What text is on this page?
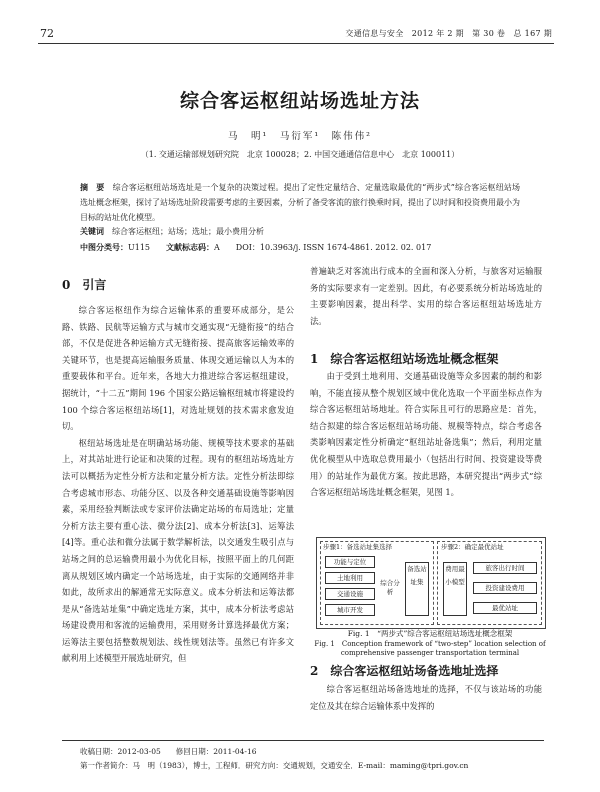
72	交通信息与安全　2012 年 2 期　第 30 卷　总 167 期
综合客运枢纽站场选址方法
马　明¹　马衍军¹　陈伟伟²
（1. 交通运输部规划研究院　北京 100028；2. 中国交通通信信息中心　北京 100011）
摘　要　综合客运枢纽站场选址是一个复杂的决策过程。提出了定性定量结合、定量选取最优的“两步式”综合客运枢纽站场选址概念框架，探讨了站场选址阶段需要考虑的主要因素，分析了备受客流的旅行换乘时间，提出了以时间和投资费用最小为目标的站址优化模型。
关键词　综合客运枢纽；站场；选址；最小费用分析
中图分类号：U115　　文献标志码：A　　DOI：10.3963/j. ISSN 1674-4861. 2012. 02. 017
0　引言

综合客运枢纽作为综合运输体系的重要环成部分，是公路、铁路、民航等运输方式与城市交通实现“无缝衔接”的结合部，不仅是促进各种运输方式无缝衔接、提高旅客运输效率的关键环节，也是提高运输服务质量、体现交通运输以人为本的重要载体和平台。近年来，各地大力推进综合客运枢纽建设，据统计，“十二五”期间 196 个国家公路运输枢纽城市将建设约 100 个综合客运枢纽站场[1]，对选址规划的技术需求愈发迫切。

枢纽站场选址是在明确站场功能、规模等技术要求的基础上，对其站址进行论证和决策的过程。现有的枢纽站场选址方法可以概括为定性分析方法和定量分析方法。定性分析法即综合考虑城市形态、功能分区、以及各种交通基础设施等影响因素，采用经验判断法或专家评价法确定站场的布局选址；定量分析方法主要有重心法、微分法[2]、成本分析法[3]、运筹法[4]等。重心法和微分法属于数学解析法，以交通发生吸引点与站场之间的总运输费用最小为优化目标，按照平面上的几何距离从规划区域内确定一个站场选址，由于实际的交通网络并非如此，故所求出的解通常无实际意义。成本分析法和运筹法都是从“备选站址集”中确定选址方案，其中，成本分析法考虑站场建设费用和客流的运输费用，采用财务计算选择最优方案；运筹法主要包括整数规划法、线性规划法等。虽然已有许多文献利用上述模型开展选址研究，但

普遍缺乏对客流出行成本的全面和深入分析，与旅客对运输服务的实际要求有一定差别。因此，有必要系统分析站场选址的主要影响因素，提出科学、实用的综合客运枢纽站场选址方法。

1　综合客运枢纽站场选址概念框架

由于受到土地利用、交通基础设施等众多因素的制约和影响，不能直接从整个规划区域中优化选取一个平面坐标点作为综合客运枢纽站场地址。符合实际且可行的思路应是：首先，结合拟建的综合客运枢纽站场功能、规模等特点，综合考虑各类影响因素定性分析确定“枢纽站址备选集”；然后，利用定量优化模型从中选取总费用最小（包括出行时间、投资建设等费用）的站址作为最优方案。按此思路，本研究提出“两步式”综合客运枢纽站场选址概念框架，见图 1。

步骤1：备选站址集选择
功能与定位
土地利用
交通设施
城市开发
综合分析
备选站址集
步骤2：确定最优站址
费用最小模型
旅客出行时间
投资建设费用
最优站址
Fig. 1　“两步式”综合客运枢纽站场选址概念框架
Fig. 1　Conception framework of “two-step” location selection of comprehensive passenger transportation terminal
2　综合客运枢纽站场备选地址选择

综合客运枢纽站场备选地址的选择，不仅与该站场的功能定位及其在综合运输体系中发挥的

收稿日期：2012-03-05　　修回日期：2011-04-16
第一作者简介：马　明（1983），博士，工程师．研究方向：交通规划，交通安全．E-mail：maming@tpri.gov.cn
